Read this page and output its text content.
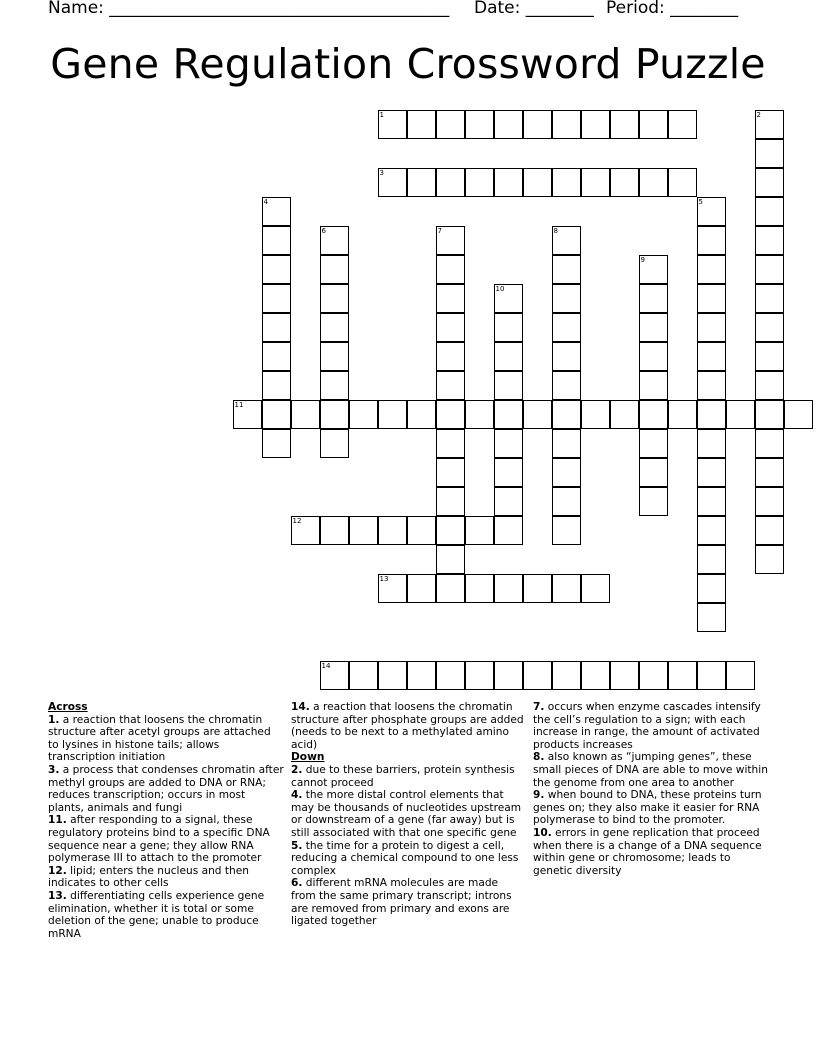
Name: ________________________________________ Date: ________ Period: ________
Gene Regulation Crossword Puzzle
1	2
3
4	5
6	7	8
9
10
11
12
13
14
Across
1. a reaction that loosens the chromatin structure after acetyl groups are attached to lysines in histone tails; allows transcription initiation
3. a process that condenses chromatin after methyl groups are added to DNA or RNA; reduces transcription; occurs in most plants, animals and fungi
11. after responding to a signal, these regulatory proteins bind to a specific DNA sequence near a gene; they allow RNA polymerase III to attach to the promoter
12. lipid; enters the nucleus and then indicates to other cells
13. differentiating cells experience gene elimination, whether it is total or some deletion of the gene; unable to produce mRNA
14. a reaction that loosens the chromatin structure after phosphate groups are added (needs to be next to a methylated amino acid)
Down
2. due to these barriers, protein synthesis cannot proceed
4. the more distal control elements that may be thousands of nucleotides upstream or downstream of a gene (far away) but is still associated with that one specific gene
5. the time for a protein to digest a cell, reducing a chemical compound to one less complex
6. different mRNA molecules are made from the same primary transcript; introns are removed from primary and exons are ligated together
7. occurs when enzyme cascades intensify the cell’s regulation to a sign; with each increase in range, the amount of activated products increases
8. also known as “jumping genes”, these small pieces of DNA are able to move within the genome from one area to another
9. when bound to DNA, these proteins turn genes on; they also make it easier for RNA polymerase to bind to the promoter.
10. errors in gene replication that proceed when there is a change of a DNA sequence within gene or chromosome; leads to genetic diversity
